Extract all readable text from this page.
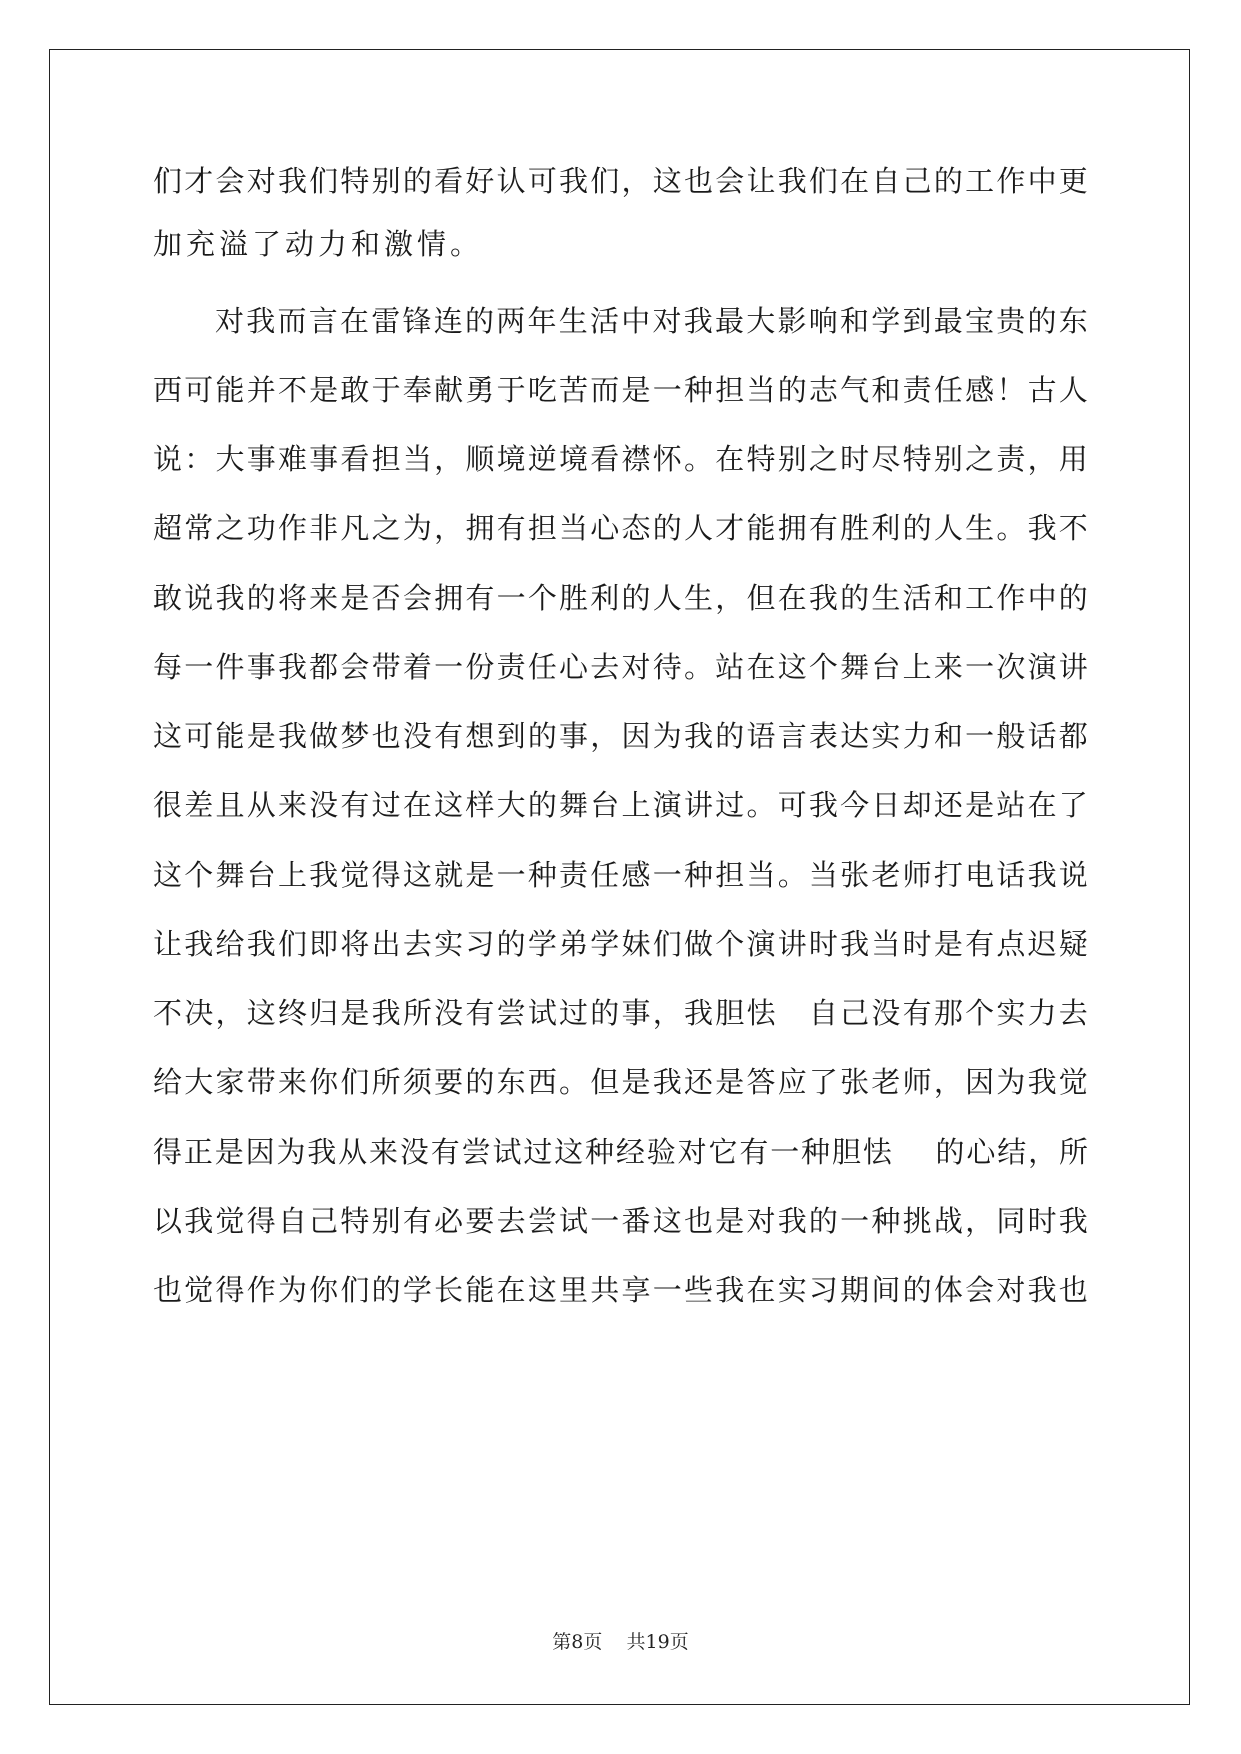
们 才 会 对 我 们 特 别 的 看 好 认 可 我 们 ， 这 也 会 让 我 们 在 自 己 的 工 作 中 更
加充溢了动力和激情。
对 我 而 言 在 雷 锋 连 的 两 年 生 活 中 对 我 最 大 影 响 和 学 到 最 宝 贵 的 东
西 可 能 并 不 是 敢 于 奉 献 勇 于 吃 苦 而 是 一 种 担 当 的 志 气 和 责 任 感 ！ 古 人
说 ： 大 事 难 事 看 担 当 ， 顺 境 逆 境 看 襟 怀 。 在 特 别 之 时 尽 特 别 之 责 ， 用
超 常 之 功 作 非 凡 之 为 ， 拥 有 担 当 心 态 的 人 才 能 拥 有 胜 利 的 人 生 。 我 不
敢 说 我 的 将 来 是 否 会 拥 有 一 个 胜 利 的 人 生 ， 但 在 我 的 生 活 和 工 作 中 的
每 一 件 事 我 都 会 带 着 一 份 责 任 心 去 对 待 。 站 在 这 个 舞 台 上 来 一 次 演 讲
这 可 能 是 我 做 梦 也 没 有 想 到 的 事 ， 因 为 我 的 语 言 表 达 实 力 和 一 般 话 都
很 差 且 从 来 没 有 过 在 这 样 大 的 舞 台 上 演 讲 过 。 可 我 今 日 却 还 是 站 在 了
这 个 舞 台 上 我 觉 得 这 就 是 一 种 责 任 感 一 种 担 当 。 当 张 老 师 打 电 话 我 说
让 我 给 我 们 即 将 出 去 实 习 的 学 弟 学 妹 们 做 个 演 讲 时 我 当 时 是 有 点 迟 疑
不 决 ， 这 终 归 是 我 所 没 有 尝 试 过 的 事 ， 我 胆 怯
　 自 己 没 有 那 个 实 力 去
给 大 家 带 来 你 们 所 须 要 的 东 西 。 但 是 我 还 是 答 应 了 张 老 师 ， 因 为 我 觉
得 正 是 因 为 我 从 来 没 有 尝 试 过 这 种 经 验 对 它 有 一 种 胆 怯

的 心 结 ， 所
以 我 觉 得 自 己 特 别 有 必 要 去 尝 试 一 番 这 也 是 对 我 的 一 种 挑 战 ， 同 时 我
也 觉 得 作 为 你 们 的 学 长 能 在 这 里 共 享 一 些 我 在 实 习 期 间 的 体 会 对 我 也
第8页 共19页
